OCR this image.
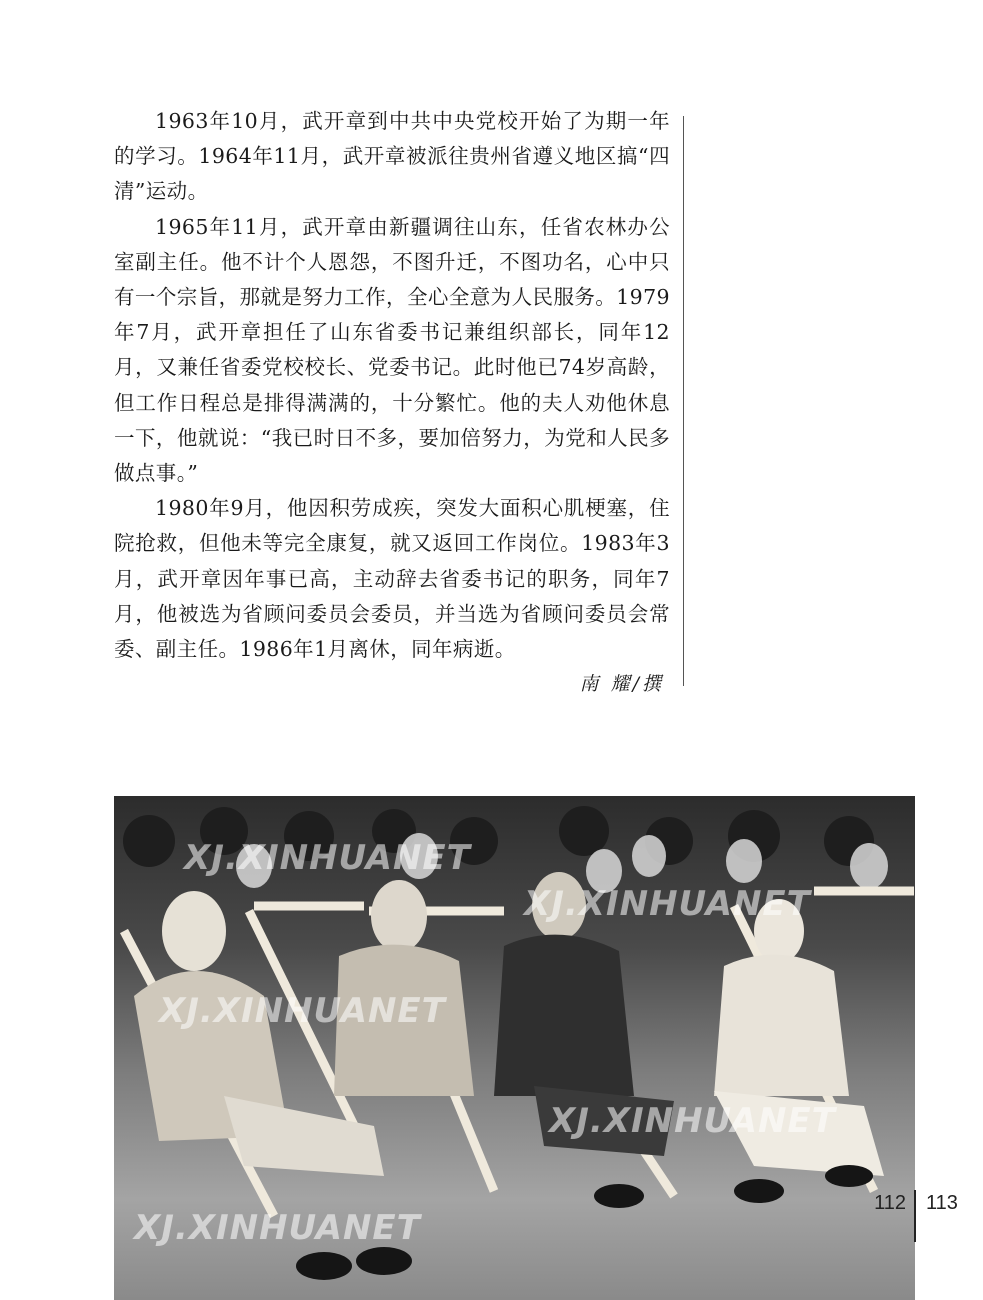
1963年10月，武开章到中共中央党校开始了为期一年的学习。1964年11月，武开章被派往贵州省遵义地区搞“四清”运动。

1965年11月，武开章由新疆调往山东，任省农林办公室副主任。他不计个人恩怨，不图升迁，不图功名，心中只有一个宗旨，那就是努力工作，全心全意为人民服务。1979年7月，武开章担任了山东省委书记兼组织部长，同年12月，又兼任省委党校校长、党委书记。此时他已74岁高龄，但工作日程总是排得满满的，十分繁忙。他的夫人劝他休息一下，他就说：“我已时日不多，要加倍努力，为党和人民多做点事。”

1980年9月，他因积劳成疾，突发大面积心肌梗塞，住院抢救，但他未等完全康复，就又返回工作岗位。1983年3月，武开章因年事已高，主动辞去省委书记的职务，同年7月，他被选为省顾问委员会委员，并当选为省顾问委员会常委、副主任。1986年1月离休，同年病逝。

南 耀/撰
XJ.XINHUANET
XJ.XINHUANET
XJ.XINHUANET
XJ.XINHUANET
XJ.XINHUANET
112 113
